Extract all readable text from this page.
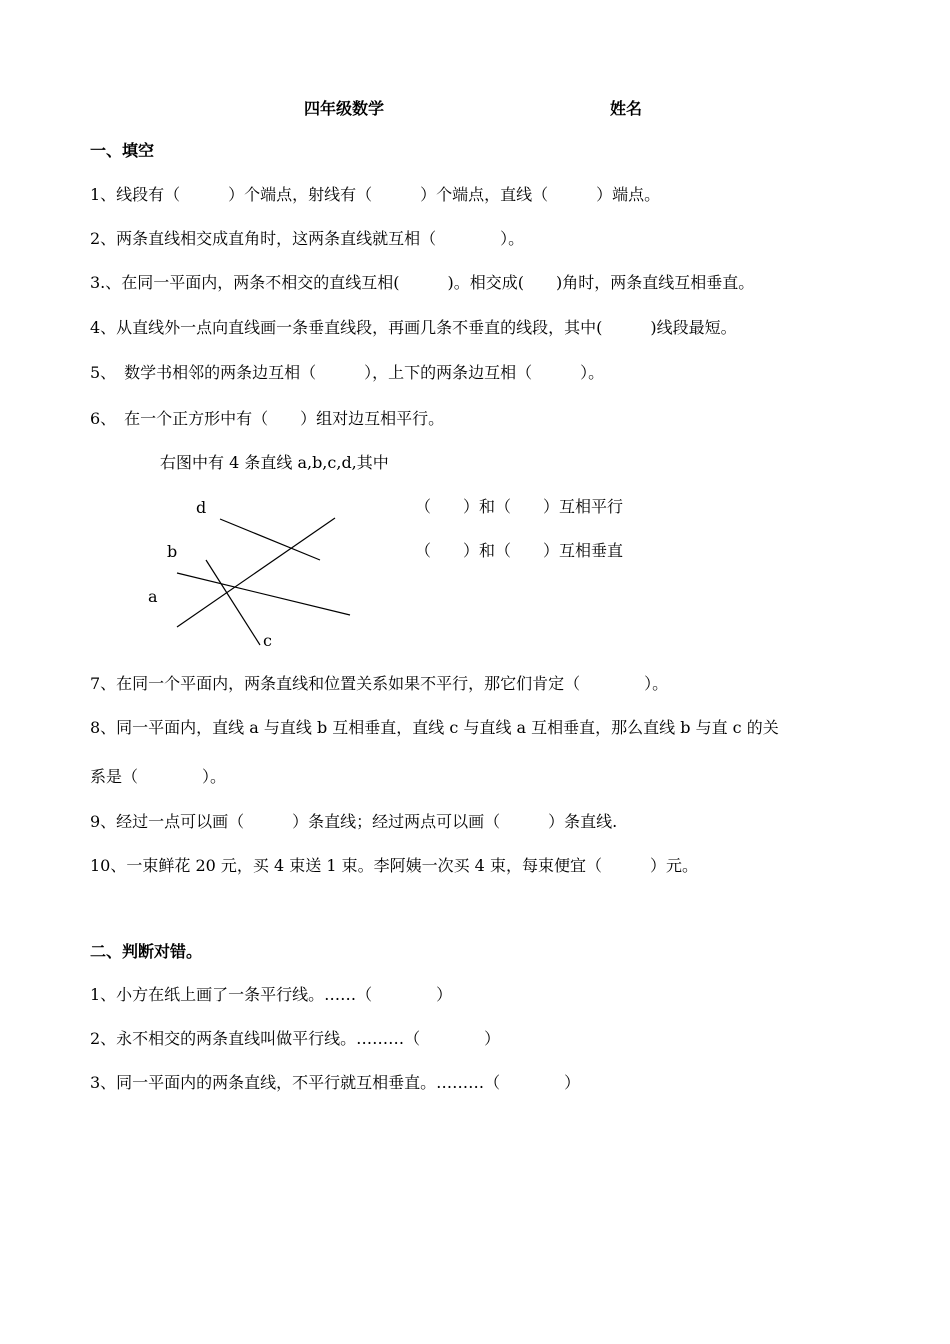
四年级数学	姓名
一、填空
1、线段有（　　　）个端点，射线有（　　　）个端点，直线（　　　）端点。
2、两条直线相交成直角时，这两条直线就互相（　　　　）。
3.、在同一平面内，两条不相交的直线互相(　　　)。相交成(　　)角时，两条直线互相垂直。
4、从直线外一点向直线画一条垂直线段，再画几条不垂直的线段，其中(　　　)线段最短。
5、　数学书相邻的两条边互相（　　　），上下的两条边互相（　　　）。
6、　在一个正方形中有（　　）组对边互相平行。
右图中有 4 条直线 a,b,c,d,其中
（　　）和（　　）互相平行
（　　）和（　　）互相垂直
d
b
a
c
7、在同一个平面内，两条直线和位置关系如果不平行，那它们肯定（　　　　）。
8、同一平面内，直线 a 与直线 b 互相垂直，直线 c 与直线 a 互相垂直，那么直线 b 与直 c 的关
系是（　　　　）。
9、经过一点可以画（　　　）条直线；经过两点可以画（　　　）条直线.
10、一束鲜花 20 元，买 4 束送 1 束。李阿姨一次买 4 束，每束便宜（　　　）元。
二、判断对错。
1、小方在纸上画了一条平行线。……（　　　　）
2、永不相交的两条直线叫做平行线。………（　　　　）
3、同一平面内的两条直线，不平行就互相垂直。………（　　　　）
